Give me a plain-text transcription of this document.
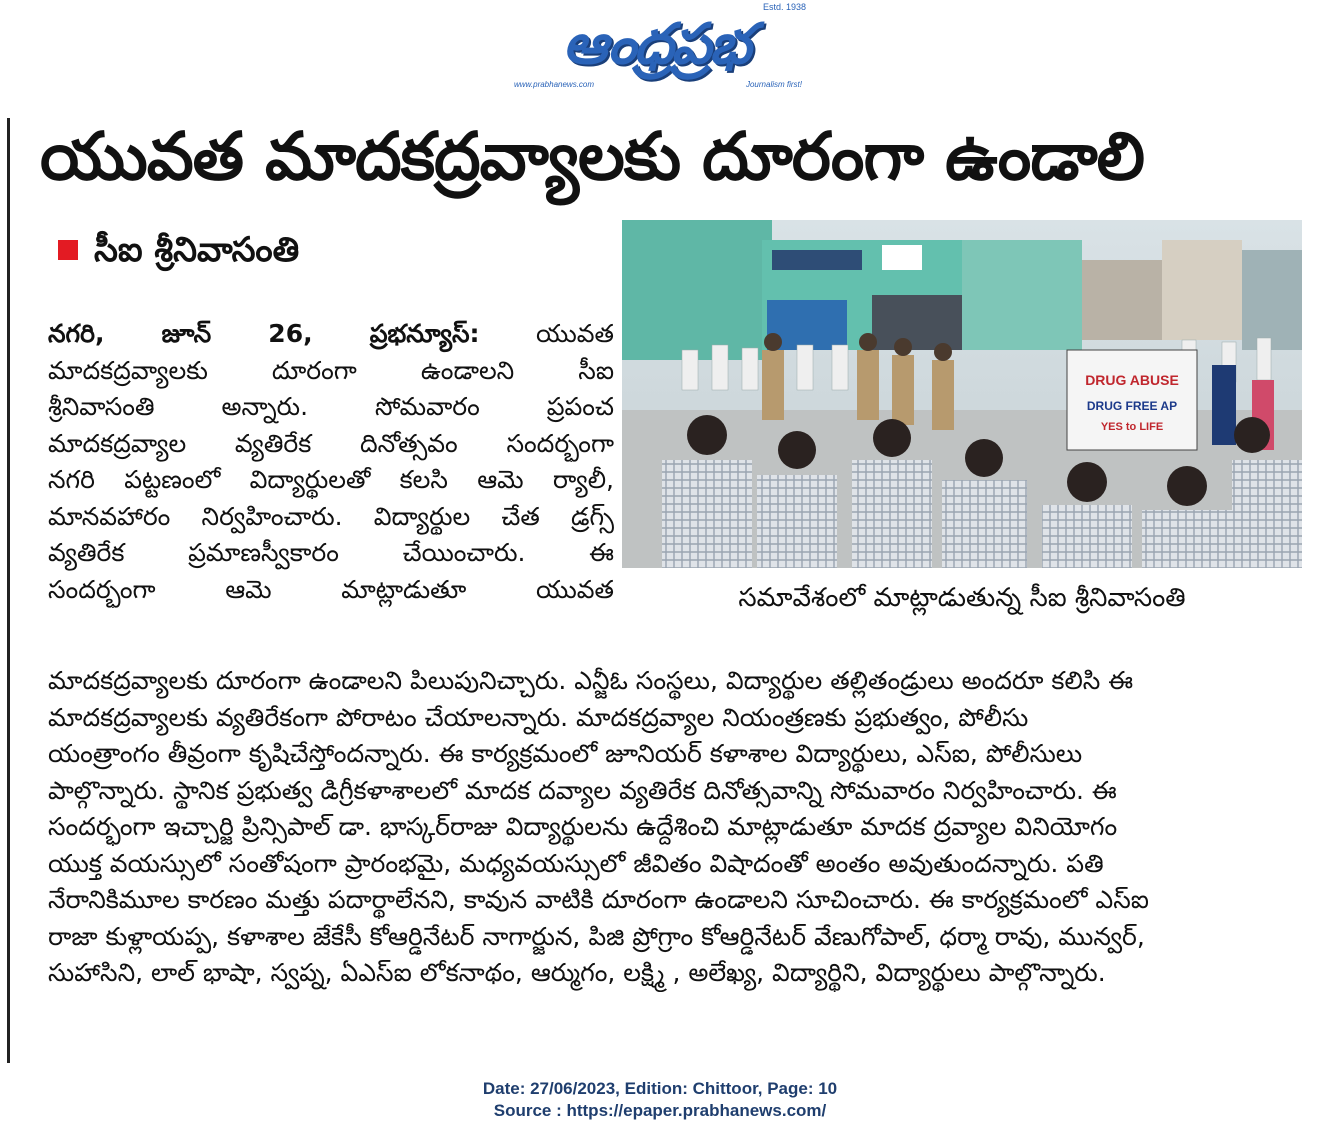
Estd. 1938
ఆంధ్రప్రభ
www.prabhanews.com	Journalism first!
యువత మాదకద్రవ్యాలకు దూరంగా ఉండాలి
సీఐ శ్రీనివాసంతి
DRUG ABUSE
DRUG FREE AP
YES to LIFE
సమావేశంలో మాట్లాడుతున్న సీఐ శ్రీనివాసంతి
నగరి, జూన్ 26, ప్రభన్యూస్: యువత
మాదకద్రవ్యాలకు దూరంగా ఉండాలని సీఐ
శ్రీనివాసంతి అన్నారు. సోమవారం ప్రపంచ
మాదకద్రవ్యాల వ్యతిరేక దినోత్సవం సందర్భంగా
నగరి పట్టణంలో విద్యార్థులతో కలసి ఆమె ర్యాలీ,
మానవహారం నిర్వహించారు. విద్యార్థుల చేత డ్రగ్స్
వ్యతిరేక ప్రమాణస్వీకారం చేయించారు. ఈ
సందర్భంగా ఆమె మాట్లాడుతూ యువత
మాదకద్రవ్యాలకు దూరంగా ఉండాలని పిలుపునిచ్చారు. ఎన్జీఓ సంస్థలు, విద్యార్థుల తల్లితండ్రులు అందరూ కలిసి ఈ
మాదకద్రవ్యాలకు వ్యతిరేకంగా పోరాటం చేయాలన్నారు. మాదకద్రవ్యాల నియంత్రణకు ప్రభుత్వం, పోలీసు
యంత్రాంగం తీవ్రంగా కృషిచేస్తోందన్నారు. ఈ కార్యక్రమంలో జూనియర్ కళాశాల విద్యార్థులు, ఎస్ఐ, పోలీసులు
పాల్గొన్నారు. స్థానిక ప్రభుత్వ డిగ్రీకళాశాలలో మాదక దవ్యాల వ్యతిరేక దినోత్సవాన్ని సోమవారం నిర్వహించారు. ఈ
సందర్భంగా ఇచ్చార్జి ప్రిన్సిపాల్ డా. భాస్కర్‌రాజు విద్యార్థులను ఉద్దేశించి మాట్లాడుతూ మాదక ద్రవ్యాల వినియోగం
యుక్త వయస్సులో సంతోషంగా ప్రారంభమై, మధ్యవయస్సులో జీవితం విషాదంతో అంతం అవుతుందన్నారు. పతి
నేరానికిమూల కారణం మత్తు పదార్థాలేనని, కావున వాటికి దూరంగా ఉండాలని సూచించారు. ఈ కార్యక్రమంలో ఎస్ఐ
రాజా కుళ్లాయప్ప, కళాశాల జేకేసీ కోఆర్డినేటర్ నాగార్జున, పిజి ప్రోగ్రాం కోఆర్డినేటర్ వేణుగోపాల్, ధర్మా రావు, మున్వర్,
సుహాసిని, లాల్ భాషా, స్వప్న, ఏఎస్ఐ లోకనాథం, ఆర్ముగం, లక్ష్మి , అలేఖ్య, విద్యార్థిని, విద్యార్థులు పాల్గొన్నారు.
Date: 27/06/2023, Edition: Chittoor, Page: 10
Source : https://epaper.prabhanews.com/
